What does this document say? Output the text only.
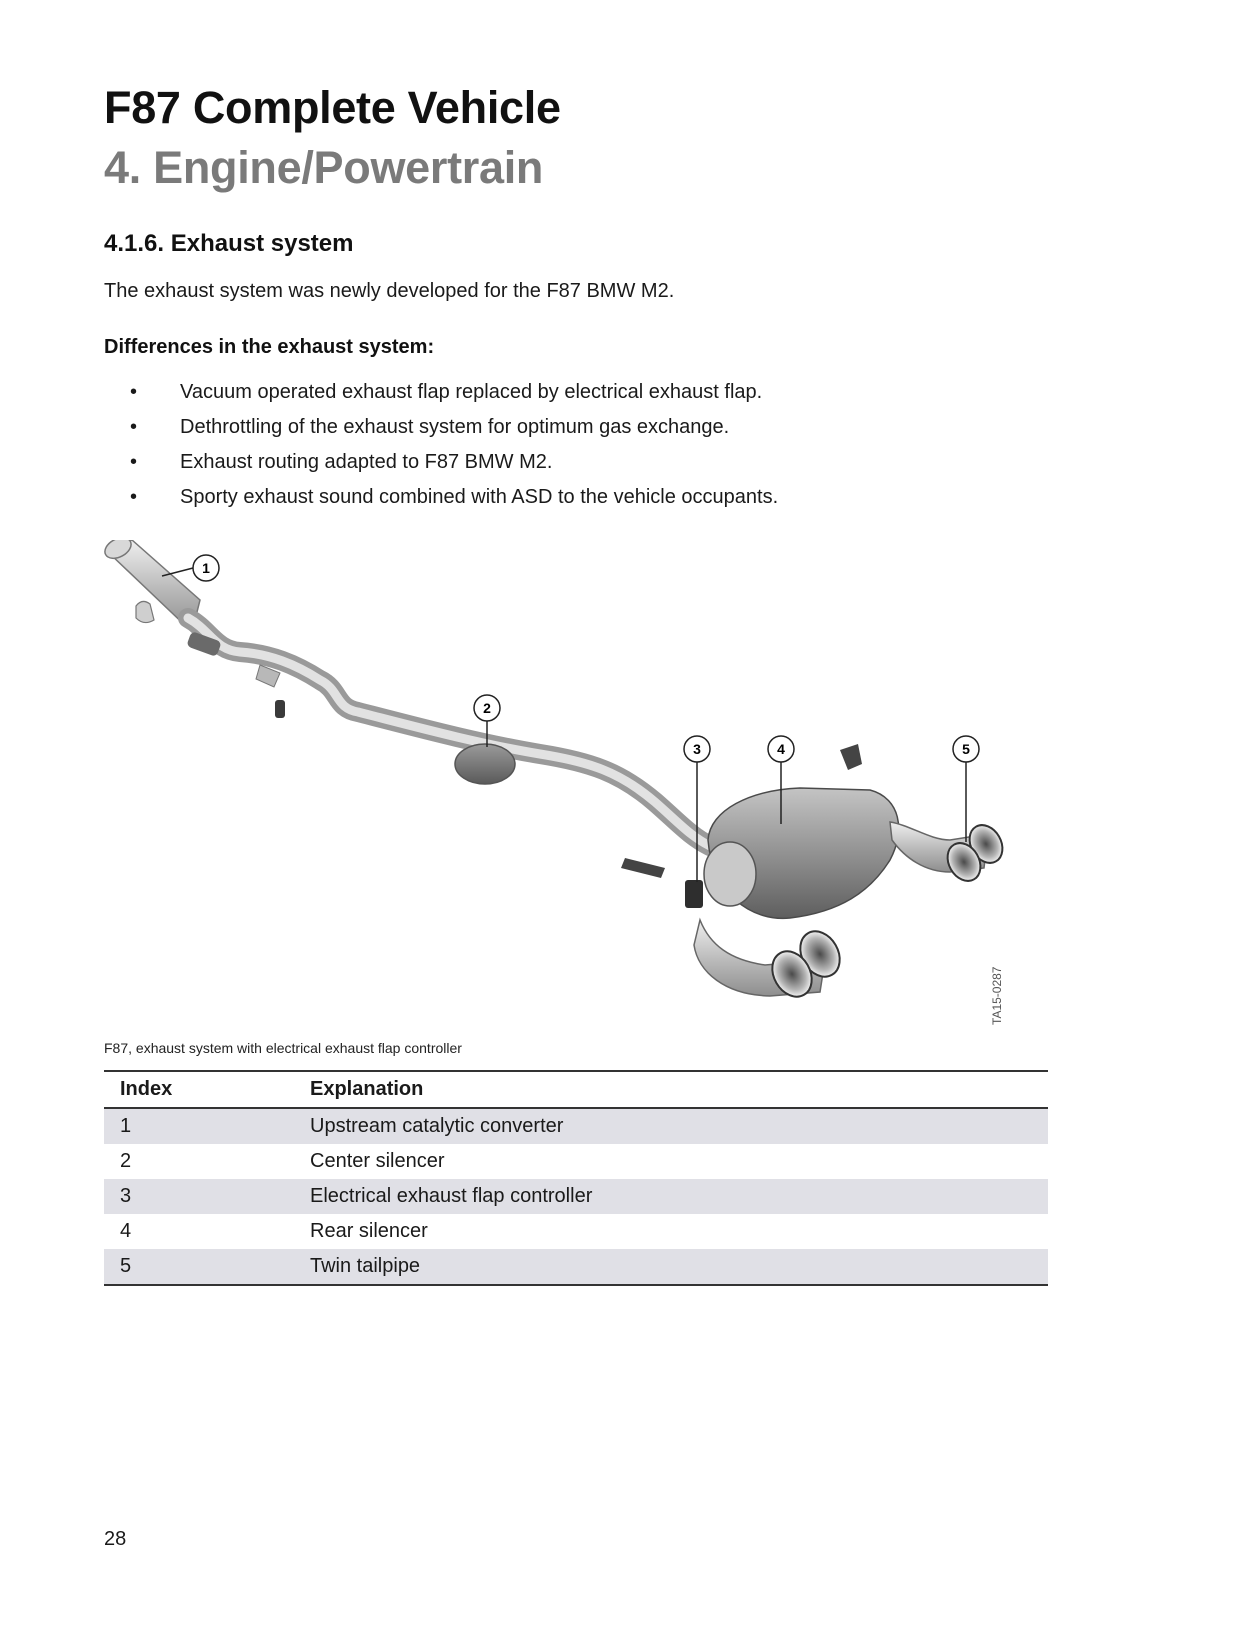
F87 Complete Vehicle
4. Engine/Powertrain
4.1.6. Exhaust system
The exhaust system was newly developed for the F87 BMW M2.
Differences in the exhaust system:
• Vacuum operated exhaust flap replaced by electrical exhaust flap.
• Dethrottling of the exhaust system for optimum gas exchange.
• Exhaust routing adapted to F87 BMW M2.
• Sporty exhaust sound combined with ASD to the vehicle occupants.
1
2
3	4	5
TA15-0287
F87, exhaust system with electrical exhaust flap controller
Index	Explanation
1	Upstream catalytic converter
2	Center silencer
3	Electrical exhaust flap controller
4	Rear silencer
5	Twin tailpipe
28
